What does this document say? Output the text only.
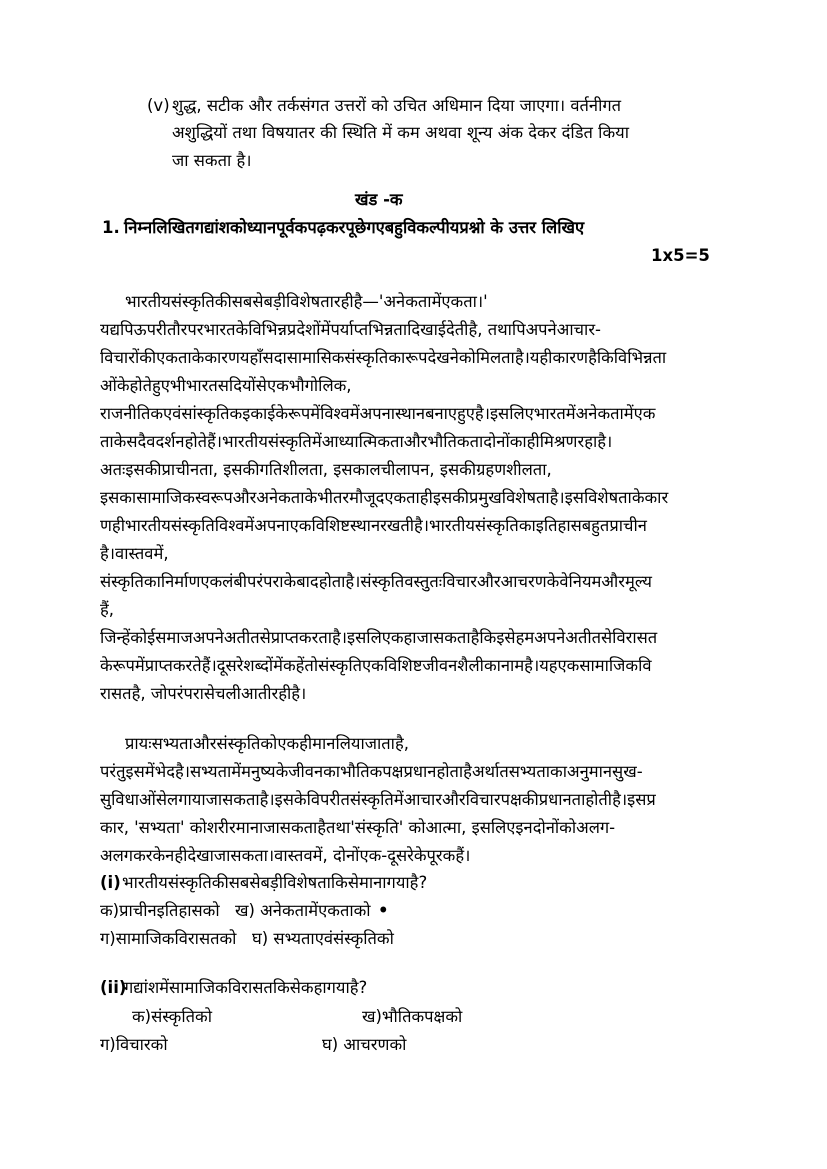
(v) शुद्ध, सटीक और तर्कसंगत उत्तरों को उचित अधिमान दिया जाएगा। वर्तनीगत
अशुद्धियों तथा विषयातर की स्थिति में कम अथवा शून्य अंक देकर दंडित किया
जा सकता है।
खंड -क
1. निम्नलिखितगद्यांशकोध्यानपूर्वकपढ़करपूछेगएबहुविकल्पीयप्रश्नो के उत्तर लिखिए
1x5=5
भारतीयसंस्कृतिकीसबसेबड़ीविशेषतारहीहै—'अनेकतामेंएकता।'
यद्यपिऊपरीतौरपरभारतकेविभिन्नप्रदेशोंमेंपर्याप्तभिन्नतादिखाईदेतीहै, तथापिअपनेआचार-
विचारोंकीएकताकेकारणयहाँसदासामासिकसंस्कृतिकारूपदेखनेकोमिलताहै।यहीकारणहैकिविभिन्नता
ओंकेहोतेहुएभीभारतसदियोंसेएकभौगोलिक,
राजनीतिकएवंसांस्कृतिकइकाईकेरूपमेंविश्वमेंअपनास्थानबनाएहुएहै।इसलिएभारतमेंअनेकतामेंएक
ताकेसदैवदर्शनहोतेहैं।भारतीयसंस्कृतिमेंआध्यात्मिकताऔरभौतिकतादोनोंकाहीमिश्रणरहाहै।
अतःइसकीप्राचीनता, इसकीगतिशीलता, इसकालचीलापन, इसकीग्रहणशीलता,
इसकासामाजिकस्वरूपऔरअनेकताकेभीतरमौजूदएकताहीइसकीप्रमुखविशेषताहै।इसविशेषताकेकार
णहीभारतीयसंस्कृतिविश्वमेंअपनाएकविशिष्टस्थानरखतीहै।भारतीयसंस्कृतिकाइतिहासबहुतप्राचीन
है।वास्तवमें,
संस्कृतिकानिर्माणएकलंबीपरंपराकेबादहोताहै।संस्कृतिवस्तुतःविचारऔरआचरणकेवेनियमऔरमूल्य
हैं,
जिन्हेंकोईसमाजअपनेअतीतसेप्राप्तकरताहै।इसलिएकहाजासकताहैकिइसेहमअपनेअतीतसेविरासत
केरूपमेंप्राप्तकरतेहैं।दूसरेशब्दोंमेंकहेंतोसंस्कृतिएकविशिष्टजीवनशैलीकानामहै।यहएकसामाजिकवि
रासतहै, जोपरंपरासेचलीआतीरहीहै।
प्रायःसभ्यताऔरसंस्कृतिकोएकहीमानलियाजाताहै,
परंतुइसमेंभेदहै।सभ्यतामेंमनुष्यकेजीवनकाभौतिकपक्षप्रधानहोताहैअर्थातसभ्यताकाअनुमानसुख-
सुविधाओंसेलगायाजासकताहै।इसकेविपरीतसंस्कृतिमेंआचारऔरविचारपक्षकीप्रधानताहोतीहै।इसप्र
कार, 'सभ्यता' कोशरीरमानाजासकताहैतथा'संस्कृति' कोआत्मा, इसलिएइनदोनोंकोअलग-
अलगकरकेनहीदेखाजासकता।वास्तवमें, दोनोंएक-दूसरेकेपूरकहैं।
(i) भारतीयसंस्कृतिकीसबसेबड़ीविशेषताकिसेमानागयाहै?
क)प्राचीनइतिहासको ख) अनेकतामेंएकताको •
ग)सामाजिकविरासतको घ) सभ्यताएवंसंस्कृतिको
(ii)
गद्यांशमेंसामाजिकविरासतकिसेकहागयाहै?
क)संस्कृतिको	ख)भौतिकपक्षको
ग)विचारको	घ) आचरणको
